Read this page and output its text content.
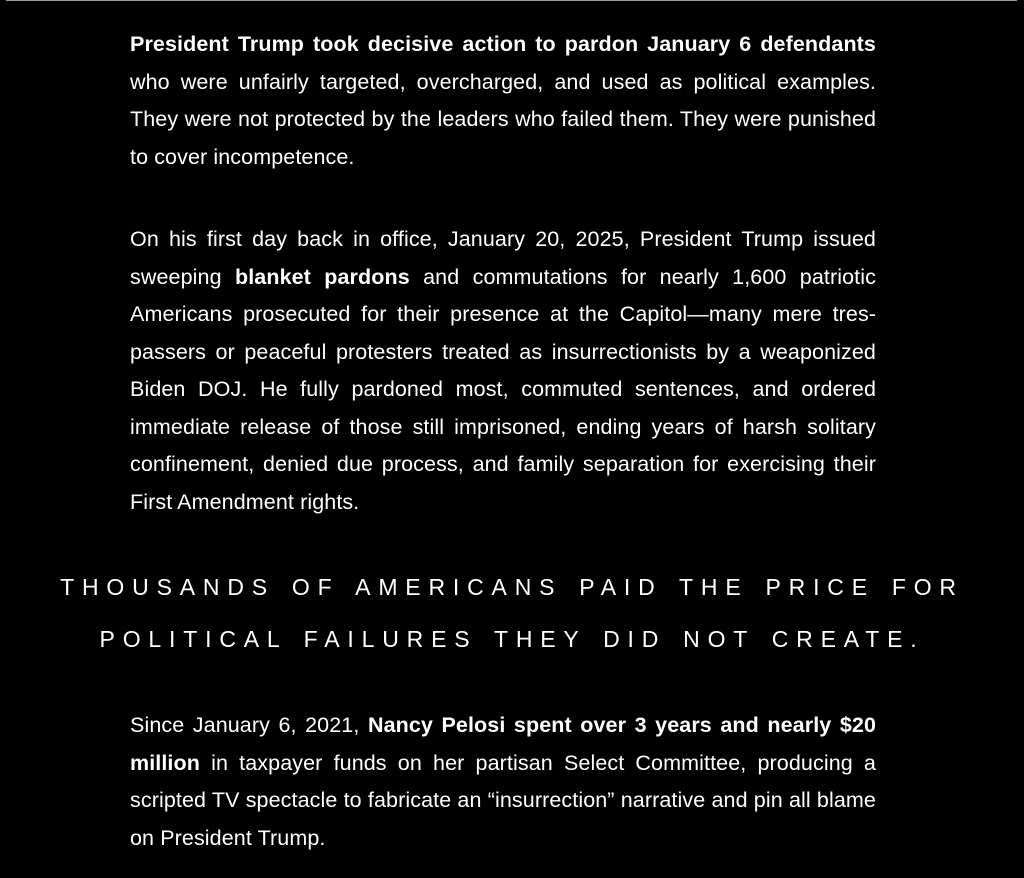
President Trump took decisive action to pardon January 6 defendants who were unfairly targeted, overcharged, and used as political examples. They were not protected by the leaders who failed them. They were punished to cover incompetence.

On his first day back in office, January 20, 2025, President Trump issued sweeping blanket pardons and commutations for nearly 1,600 patriotic Americans prosecuted for their presence at the Capitol—many mere trespassers or peaceful protesters treated as insurrectionists by a weaponized Biden DOJ. He fully pardoned most, commuted sentences, and ordered immediate release of those still imprisoned, ending years of harsh solitary confinement, denied due process, and family separation for exercising their First Amendment rights.

THOUSANDS OF AMERICANS PAID THE PRICE FOR POLITICAL FAILURES THEY DID NOT CREATE.

Since January 6, 2021, Nancy Pelosi spent over 3 years and nearly $20 million in taxpayer funds on her partisan Select Committee, producing a scripted TV spectacle to fabricate an “insurrection” narrative and pin all blame on President Trump.
